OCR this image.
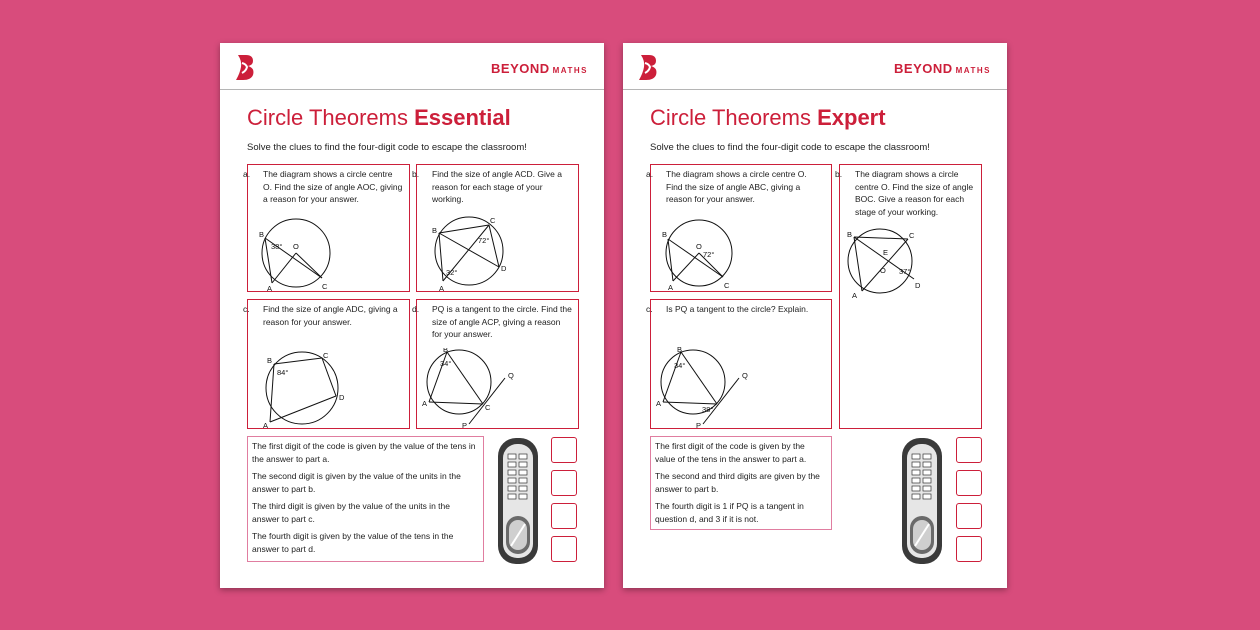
BEYOND MATHS
Circle Theorems Essential
Solve the clues to find the four-digit code to escape the classroom!
a. The diagram shows a circle centre O. Find the size of angle AOC, giving a reason for your answer.
B
O
38°
A	C
b. Find the size of angle ACD. Give a reason for each stage of your working.
B
C
D
A
72°
32°
c. Find the size of angle ADC, giving a reason for your answer.
B
C
D
A
84°
d. PQ is a tangent to the circle. Find the size of angle ACP, giving a reason for your answer.
B
A	C
Q
P
34°
The first digit of the code is given by the value of the tens in the answer to part a.
The second digit is given by the value of the units in the answer to part b.
The third digit is given by the value of the units in the answer to part c.
The fourth digit is given by the value of the tens in the answer to part d.
BEYOND MATHS
Circle Theorems Expert
Solve the clues to find the four-digit code to escape the classroom!
a. The diagram shows a circle centre O. Find the size of angle ABC, giving a reason for your answer.
B
O
72°
A	C
b. The diagram shows a circle centre O. Find the size of angle BOC. Give a reason for each stage of your working.
B	C
E
O
D
A
37°
c. Is PQ a tangent to the circle? Explain.
B
A
Q
P
34°
38°
The first digit of the code is given by the value of the tens in the answer to part a.
The second and third digits are given by the answer to part b.
The fourth digit is 1 if PQ is a tangent in question d, and 3 if it is not.
